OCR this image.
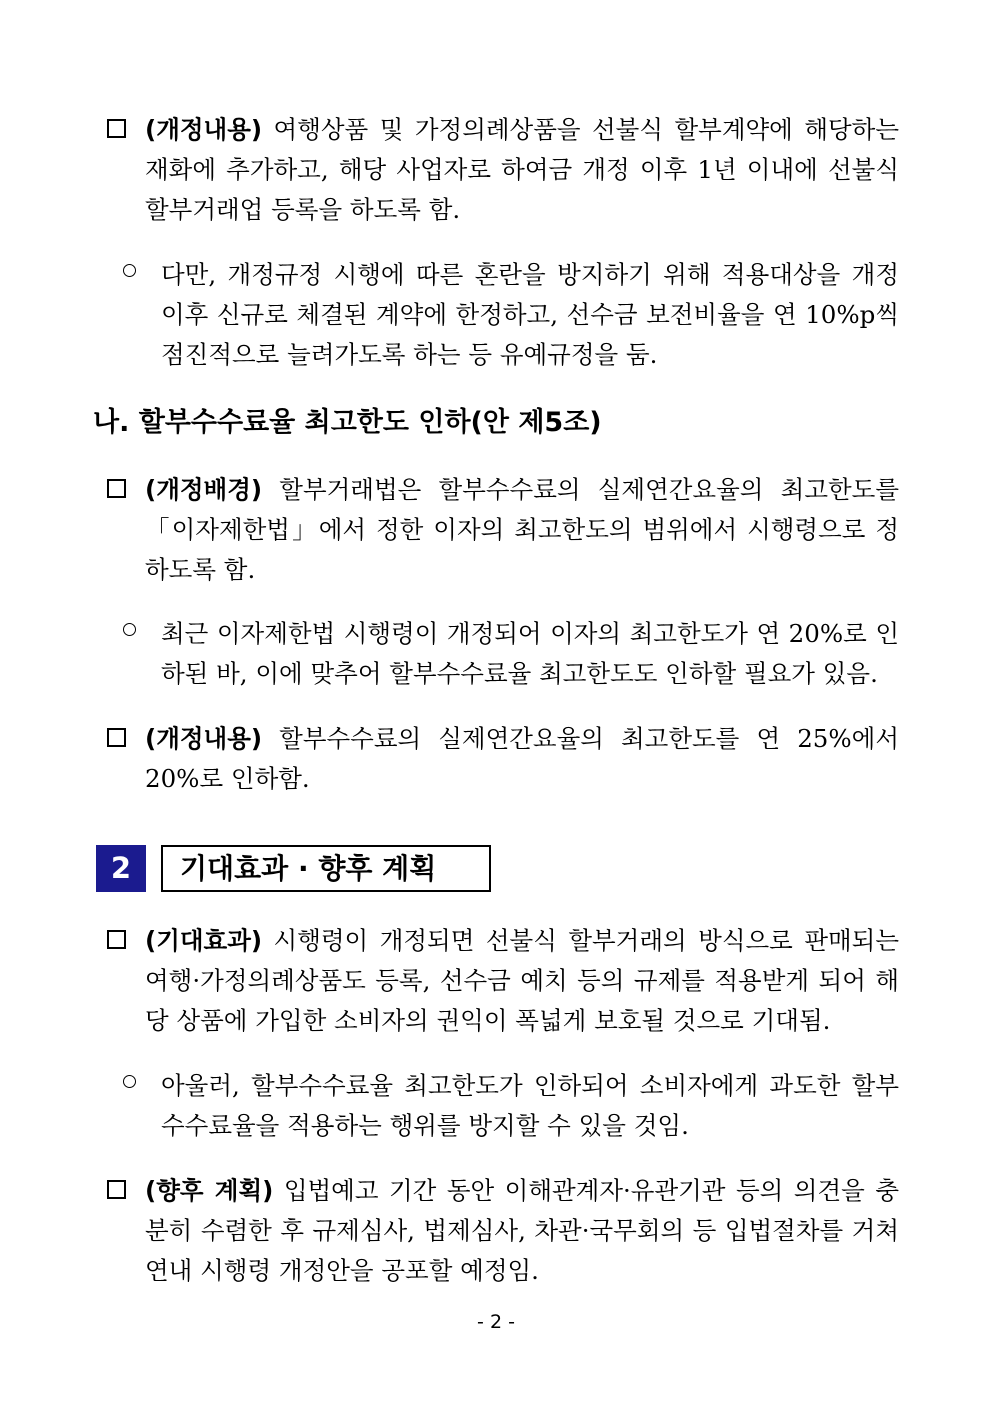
(개정내용) 여행상품 및 가정의례상품을 선불식 할부계약에 해당하는 재화에 추가하고, 해당 사업자로 하여금 개정 이후 1년 이내에 선불식 할부거래업 등록을 하도록 함.
다만, 개정규정 시행에 따른 혼란을 방지하기 위해 적용대상을 개정 이후 신규로 체결된 계약에 한정하고, 선수금 보전비율을 연 10%p씩 점진적으로 늘려가도록 하는 등 유예규정을 둠.
나. 할부수수료율 최고한도 인하(안 제5조)
(개정배경) 할부거래법은 할부수수료의 실제연간요율의 최고한도를 「이자제한법」에서 정한 이자의 최고한도의 범위에서 시행령으로 정하도록 함.
최근 이자제한법 시행령이 개정되어 이자의 최고한도가 연 20%로 인하된 바, 이에 맞추어 할부수수료율 최고한도도 인하할 필요가 있음.
(개정내용) 할부수수료의 실제연간요율의 최고한도를 연 25%에서 20%로 인하함.
2	기대효과 · 향후 계획
(기대효과) 시행령이 개정되면 선불식 할부거래의 방식으로 판매되는 여행·가정의례상품도 등록, 선수금 예치 등의 규제를 적용받게 되어 해당 상품에 가입한 소비자의 권익이 폭넓게 보호될 것으로 기대됨.
아울러, 할부수수료율 최고한도가 인하되어 소비자에게 과도한 할부수수료율을 적용하는 행위를 방지할 수 있을 것임.
(향후 계획) 입법예고 기간 동안 이해관계자·유관기관 등의 의견을 충분히 수렴한 후 규제심사, 법제심사, 차관·국무회의 등 입법절차를 거쳐 연내 시행령 개정안을 공포할 예정임.
- 2 -
